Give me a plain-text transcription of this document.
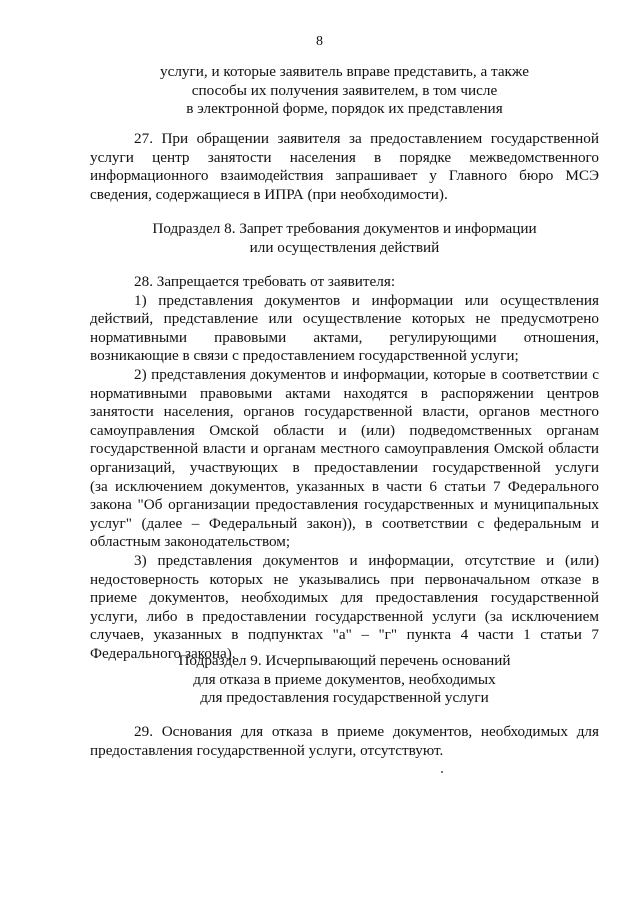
8
услуги, и которые заявитель вправе представить, а также
способы их получения заявителем, в том числе
в электронной форме, порядок их представления
27. При обращении заявителя за предоставлением государственной
услуги центр занятости населения в порядке межведомственного
информационного взаимодействия запрашивает у Главного бюро МСЭ
сведения, содержащиеся в ИПРА (при необходимости).
Подраздел 8. Запрет требования документов и информации
или осуществления действий
28. Запрещается требовать от заявителя:
1) представления документов и информации или осуществления
действий, представление или осуществление которых не предусмотрено
нормативными правовыми актами, регулирующими отношения,
возникающие в связи с предоставлением государственной услуги;
2) представления документов и информации, которые в соответствии с
нормативными правовыми актами находятся в распоряжении центров
занятости населения, органов государственной власти, органов местного
самоуправления Омской области и (или) подведомственных органам
государственной власти и органам местного самоуправления Омской области
организаций, участвующих в предоставлении государственной услуги
(за исключением документов, указанных в части 6 статьи 7 Федерального
закона "Об организации предоставления государственных и муниципальных
услуг" (далее – Федеральный закон)), в соответствии с федеральным и
областным законодательством;
3) представления документов и информации, отсутствие и (или)
недостоверность которых не указывались при первоначальном отказе в
приеме документов, необходимых для предоставления государственной
услуги, либо в предоставлении государственной услуги (за исключением
случаев, указанных в подпунктах "а" – "г" пункта 4 части 1 статьи 7
Федерального закона).
Подраздел 9. Исчерпывающий перечень оснований
для отказа в приеме документов, необходимых
для предоставления государственной услуги
29. Основания для отказа в приеме документов, необходимых для
предоставления государственной услуги, отсутствуют.
